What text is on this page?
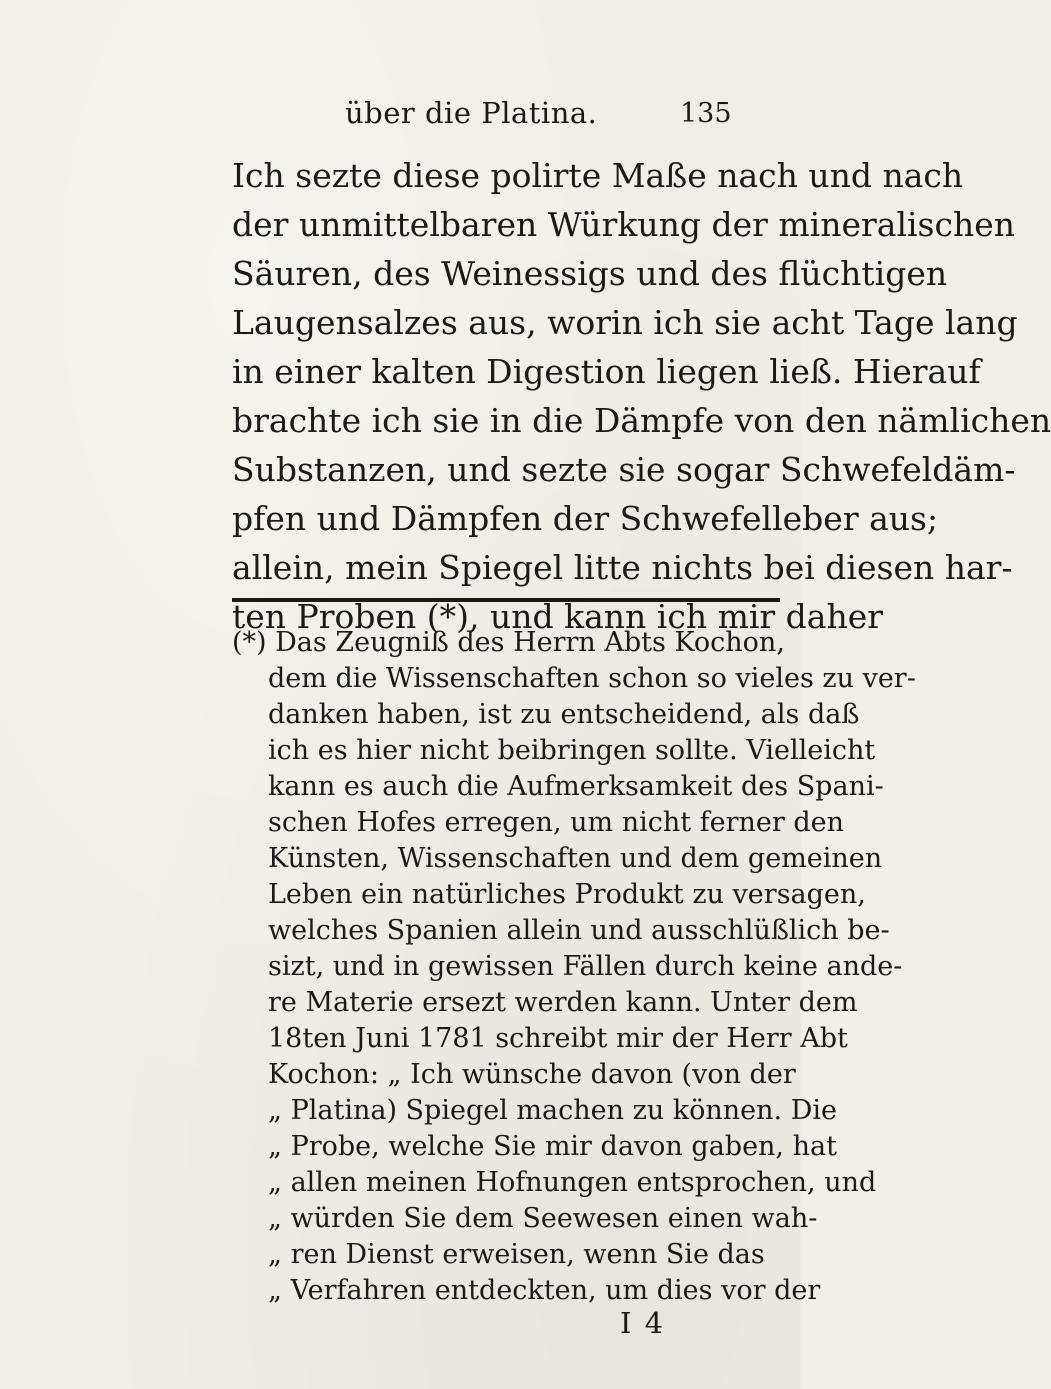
über die Platina.	135
Ich sezte diese polirte Maße nach und nach
der unmittelbaren Würkung der mineralischen
Säuren, des Weinessigs und des flüchtigen
Laugensalzes aus, worin ich sie acht Tage lang
in einer kalten Digestion liegen ließ. Hierauf
brachte ich sie in die Dämpfe von den nämlichen
Substanzen, und sezte sie sogar Schwefeldäm-
pfen und Dämpfen der Schwefelleber aus;
allein, mein Spiegel litte nichts bei diesen har-
ten Proben (*), und kann ich mir daher
(*) Das Zeugniß des Herrn Abts Kochon,
dem die Wissenschaften schon so vieles zu ver-
danken haben, ist zu entscheidend, als daß
ich es hier nicht beibringen sollte. Vielleicht
kann es auch die Aufmerksamkeit des Spani-
schen Hofes erregen, um nicht ferner den
Künsten, Wissenschaften und dem gemeinen
Leben ein natürliches Produkt zu versagen,
welches Spanien allein und ausschlüßlich be-
sizt, und in gewissen Fällen durch keine ande-
re Materie ersezt werden kann. Unter dem
18ten Juni 1781 schreibt mir der Herr Abt
Kochon: „ Ich wünsche davon (von der
„ Platina) Spiegel machen zu können. Die
„ Probe, welche Sie mir davon gaben, hat
„ allen meinen Hofnungen entsprochen, und
„ würden Sie dem Seewesen einen wah-
„ ren Dienst erweisen, wenn Sie das
„ Verfahren entdeckten, um dies vor der
I 4
